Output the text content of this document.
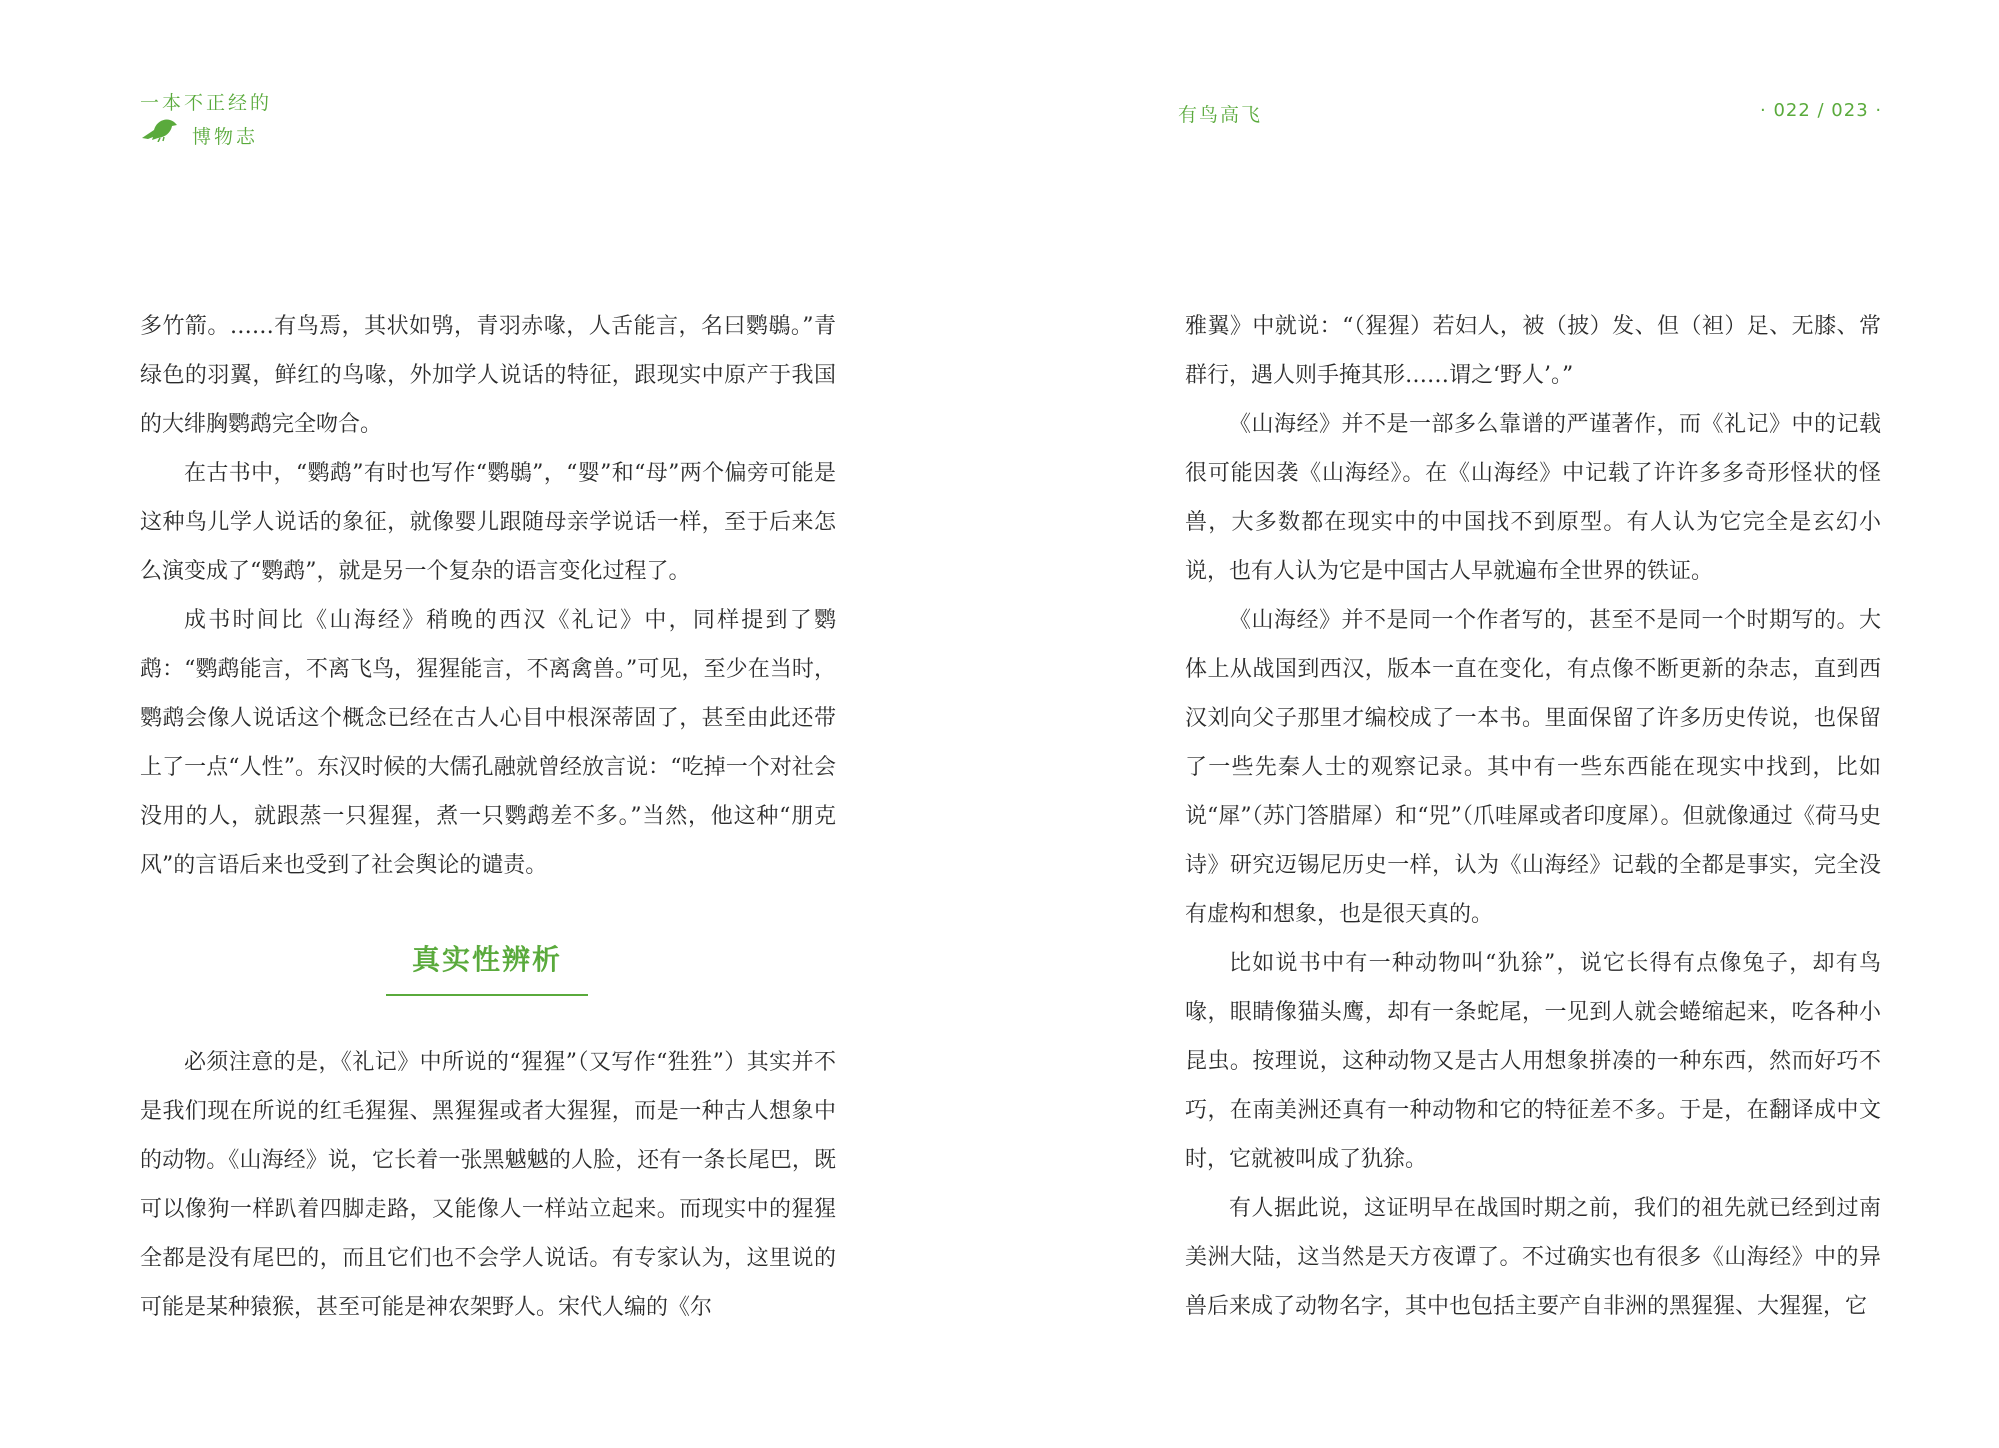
一本不正经的
博物志
有鸟高飞	· 022 / 023 ·

多竹箭。……有鸟焉，其状如鸮，青羽赤喙，人舌能言，名曰鹦䳇。”青绿色的羽翼，鲜红的鸟喙，外加学人说话的特征，跟现实中原产于我国的大绯胸鹦鹉完全吻合。

在古书中，“鹦鹉”有时也写作“鹦䳇”，“婴”和“母”两个偏旁可能是这种鸟儿学人说话的象征，就像婴儿跟随母亲学说话一样，至于后来怎么演变成了“鹦鹉”，就是另一个复杂的语言变化过程了。

成书时间比《山海经》稍晚的西汉《礼记》中，同样提到了鹦鹉：“鹦鹉能言，不离飞鸟，猩猩能言，不离禽兽。”可见，至少在当时，鹦鹉会像人说话这个概念已经在古人心目中根深蒂固了，甚至由此还带上了一点“人性”。东汉时候的大儒孔融就曾经放言说：“吃掉一个对社会没用的人，就跟蒸一只猩猩，煮一只鹦鹉差不多。”当然，他这种“朋克风”的言语后来也受到了社会舆论的谴责。

真实性辨析

必须注意的是，《礼记》中所说的“猩猩”（又写作“狌狌”）其实并不是我们现在所说的红毛猩猩、黑猩猩或者大猩猩，而是一种古人想象中的动物。《山海经》说，它长着一张黑魆魆的人脸，还有一条长尾巴，既可以像狗一样趴着四脚走路，又能像人一样站立起来。而现实中的猩猩全都是没有尾巴的，而且它们也不会学人说话。有专家认为，这里说的可能是某种猿猴，甚至可能是神农架野人。宋代人编的《尔

雅翼》中就说：“（猩猩）若妇人，被（披）发、但（袒）足、无膝、常群行，遇人则手掩其形……谓之‘野人’。”

《山海经》并不是一部多么靠谱的严谨著作，而《礼记》中的记载很可能因袭《山海经》。在《山海经》中记载了许许多多奇形怪状的怪兽，大多数都在现实中的中国找不到原型。有人认为它完全是玄幻小说，也有人认为它是中国古人早就遍布全世界的铁证。

《山海经》并不是同一个作者写的，甚至不是同一个时期写的。大体上从战国到西汉，版本一直在变化，有点像不断更新的杂志，直到西汉刘向父子那里才编校成了一本书。里面保留了许多历史传说，也保留了一些先秦人士的观察记录。其中有一些东西能在现实中找到，比如说“犀”（苏门答腊犀）和“兕”（爪哇犀或者印度犀）。但就像通过《荷马史诗》研究迈锡尼历史一样，认为《山海经》记载的全都是事实，完全没有虚构和想象，也是很天真的。

比如说书中有一种动物叫“犰狳”，说它长得有点像兔子，却有鸟喙，眼睛像猫头鹰，却有一条蛇尾，一见到人就会蜷缩起来，吃各种小昆虫。按理说，这种动物又是古人用想象拼凑的一种东西，然而好巧不巧，在南美洲还真有一种动物和它的特征差不多。于是，在翻译成中文时，它就被叫成了犰狳。

有人据此说，这证明早在战国时期之前，我们的祖先就已经到过南美洲大陆，这当然是天方夜谭了。不过确实也有很多《山海经》中的异兽后来成了动物名字，其中也包括主要产自非洲的黑猩猩、大猩猩，它
